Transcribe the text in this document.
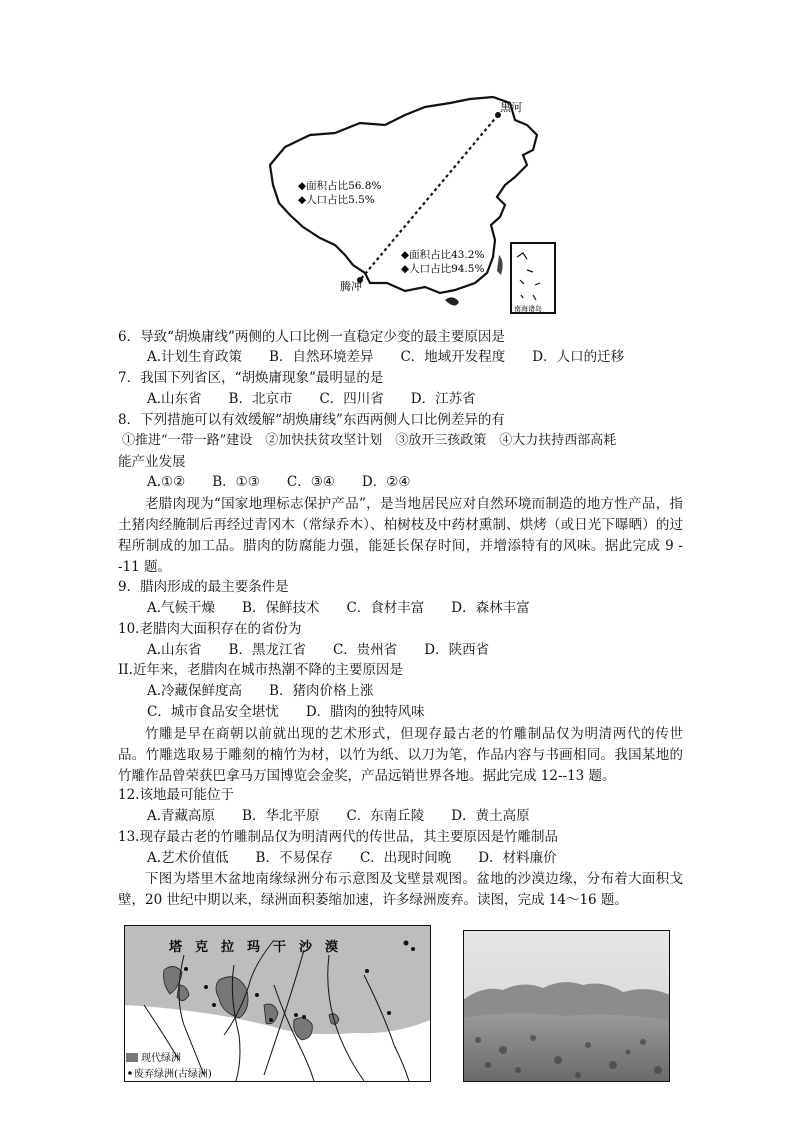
黑河
腾冲
◆面积占比56.8%
◆人口占比5.5%
◆面积占比43.2%
◆人口占比94.5%
南海诸岛
6．导致“胡焕庸线”两侧的人口比例一直稳定少变的最主要原因是
A.计划生育政策　　B．自然环境差异　　C．地域开发程度　　D．人口的迁移
7．我国下列省区，“胡焕庸现象”最明显的是
A.山东省　　B．北京市　　C．四川省　　D．江苏省
8．下列措施可以有效缓解“胡焕庸线”东西两侧人口比例差异的有
①推进“一带一路”建设　②加快扶贫攻坚计划　③放开三孩政策　④大力扶持西部高耗
能产业发展
A.①②　　B．①③　　C．③④　　D．②④
老腊肉现为“国家地理标志保护产品”，是当地居民应对自然环境而制造的地方性产品，指土猪肉经腌制后再经过青冈木（常绿乔木）、柏树枝及中药材熏制、烘烤（或日光下曝晒）的过程所制成的加工品。腊肉的防腐能力强，能延长保存时间，并增添特有的风味。据此完成 9 --11 题。
9．腊肉形成的最主要条件是
A.气候干燥　　B．保鲜技术　　C．食材丰富　　D．森林丰富
10.老腊肉大面积存在的省份为
A.山东省　　B．黑龙江省　　C．贵州省　　D．陕西省
II.近年来，老腊肉在城市热潮不降的主要原因是
A.冷藏保鲜度高　　B．猪肉价格上涨
C．城市食品安全堪忧　　D．腊肉的独特风味
竹雕是早在商朝以前就出现的艺术形式，但现存最古老的竹雕制品仅为明清两代的传世品。竹雕选取易于雕刻的楠竹为材，以竹为纸、以刀为笔，作品内容与书画相同。我国某地的竹雕作品曾荣获巴拿马万国博览会金奖，产品远销世界各地。据此完成 12--13 题。
12.该地最可能位于
A.青藏高原　　B．华北平原　　C．东南丘陵　　D．黄土高原
13.现存最古老的竹雕制品仅为明清两代的传世品，其主要原因是竹雕制品
A.艺术价值低　　B．不易保存　　C．出现时间晚　　D．材料廉价
下图为塔里木盆地南缘绿洲分布示意图及戈壁景观图。盆地的沙漠边缘，分布着大面积戈壁，20 世纪中期以来，绿洲面积萎缩加速，许多绿洲废弃。读图，完成 14～16 题。
塔　克　拉　玛　干　沙　漠
现代绿洲
废弃绿洲(古绿洲)
